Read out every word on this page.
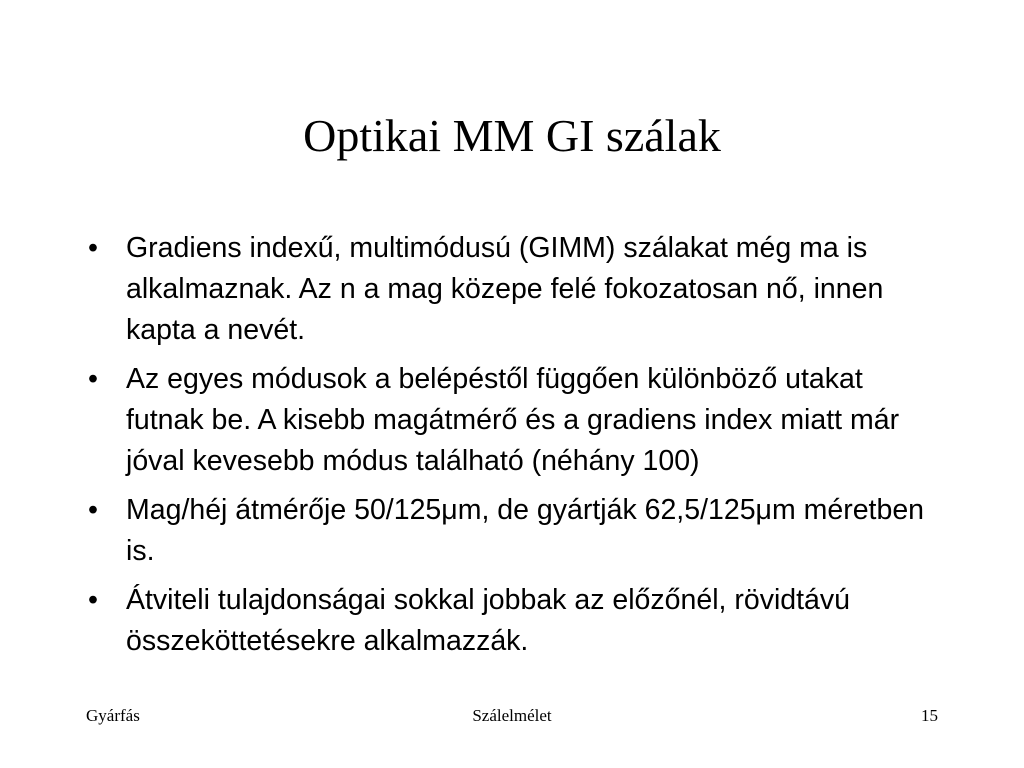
Optikai MM GI szálak
• Gradiens indexű, multimódusú (GIMM) szálakat még ma is alkalmaznak. Az n a mag közepe felé fokozatosan nő, innen kapta a nevét.
• Az egyes módusok a belépéstől függően különböző utakat futnak be. A kisebb magátmérő és a gradiens index miatt már jóval kevesebb módus található (néhány 100)
• Mag/héj átmérője 50/125μm, de gyártják 62,5/125μm méretben is.
• Átviteli tulajdonságai sokkal jobbak az előzőnél, rövidtávú összeköttetésekre alkalmazzák.
Gyárfás	Szálelmélet	15
